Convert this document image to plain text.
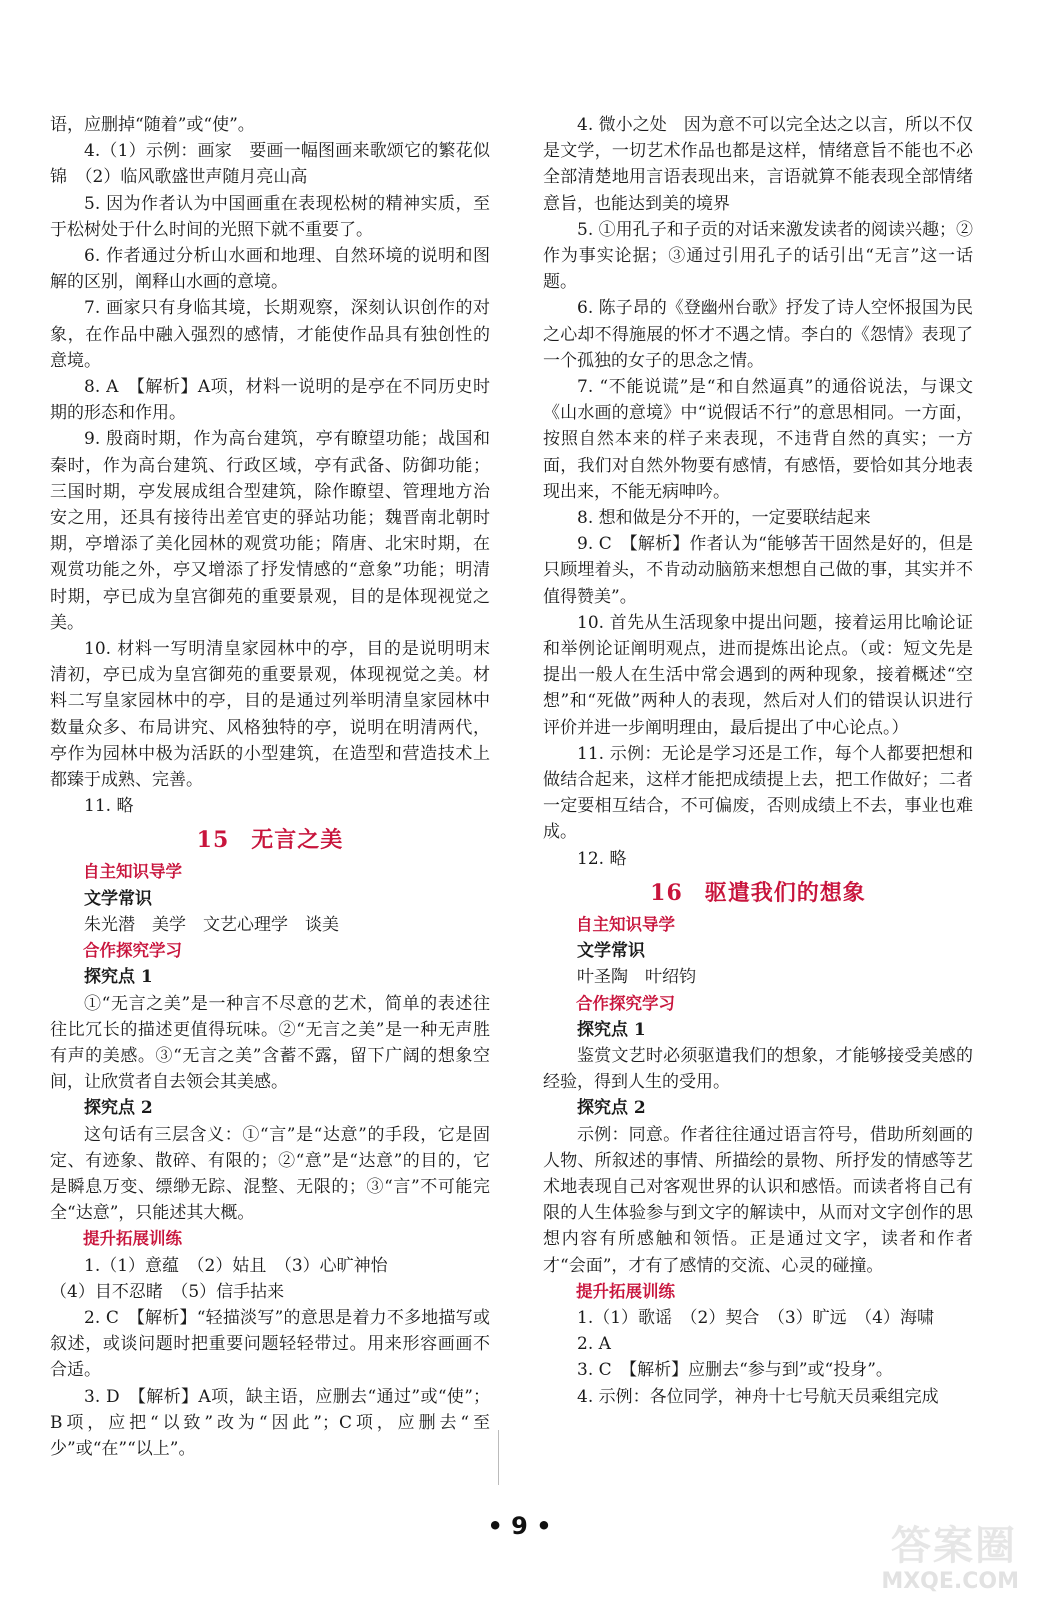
语，应删掉“随着”或“使”。

4.（1）示例：画家　要画一幅图画来歌颂它的繁花似锦　（2）临风歌盛世声随月亮山高

5. 因为作者认为中国画重在表现松树的精神实质，至于松树处于什么时间的光照下就不重要了。

6. 作者通过分析山水画和地理、自然环境的说明和图解的区别，阐释山水画的意境。

7. 画家只有身临其境，长期观察，深刻认识创作的对象，在作品中融入强烈的感情，才能使作品具有独创性的意境。

8. A　【解析】A项，材料一说明的是亭在不同历史时期的形态和作用。

9. 殷商时期，作为高台建筑，亭有瞭望功能；战国和秦时，作为高台建筑、行政区域，亭有武备、防御功能；三国时期，亭发展成组合型建筑，除作瞭望、管理地方治安之用，还具有接待出差官吏的驿站功能；魏晋南北朝时期，亭增添了美化园林的观赏功能；隋唐、北宋时期，在观赏功能之外，亭又增添了抒发情感的“意象”功能；明清时期，亭已成为皇宫御苑的重要景观，目的是体现视觉之美。

10. 材料一写明清皇家园林中的亭，目的是说明明末清初，亭已成为皇宫御苑的重要景观，体现视觉之美。材料二写皇家园林中的亭，目的是通过列举明清皇家园林中数量众多、布局讲究、风格独特的亭，说明在明清两代，亭作为园林中极为活跃的小型建筑，在造型和营造技术上都臻于成熟、完善。

11. 略

15 无言之美

自主知识导学

文学常识

朱光潜　美学　文艺心理学　谈美

合作探究学习

探究点 1

①“无言之美”是一种言不尽意的艺术，简单的表述往往比冗长的描述更值得玩味。②“无言之美”是一种无声胜有声的美感。③“无言之美”含蓄不露，留下广阔的想象空间，让欣赏者自去领会其美感。

探究点 2

这句话有三层含义：①“言”是“达意”的手段，它是固定、有迹象、散碎、有限的；②“意”是“达意”的目的，它是瞬息万变、缥缈无踪、混整、无限的；③“言”不可能完全“达意”，只能述其大概。

提升拓展训练

1.（1）意蕴　（2）姑且　（3）心旷神怡

（4）目不忍睹　（5）信手拈来

2. C　【解析】“轻描淡写”的意思是着力不多地描写或叙述，或谈问题时把重要问题轻轻带过。用来形容画画不合适。

3. D　【解析】A项，缺主语，应删去“通过”或“使”；B项，应把“以致”改为“因此”；C项，应删去“至少”或“在”“以上”。

4. 微小之处　因为意不可以完全达之以言，所以不仅是文学，一切艺术作品也都是这样，情绪意旨不能也不必全部清楚地用言语表现出来，言语就算不能表现全部情绪意旨，也能达到美的境界

5. ①用孔子和子贡的对话来激发读者的阅读兴趣；②作为事实论据；③通过引用孔子的话引出“无言”这一话题。

6. 陈子昂的《登幽州台歌》抒发了诗人空怀报国为民之心却不得施展的怀才不遇之情。李白的《怨情》表现了一个孤独的女子的思念之情。

7. “不能说谎”是“和自然逼真”的通俗说法，与课文《山水画的意境》中“说假话不行”的意思相同。一方面，按照自然本来的样子来表现，不违背自然的真实；一方面，我们对自然外物要有感情，有感悟，要恰如其分地表现出来，不能无病呻吟。

8. 想和做是分不开的，一定要联结起来

9. C　【解析】作者认为“能够苦干固然是好的，但是只顾埋着头，不肯动动脑筋来想想自己做的事，其实并不值得赞美”。

10. 首先从生活现象中提出问题，接着运用比喻论证和举例论证阐明观点，进而提炼出论点。（或：短文先是提出一般人在生活中常会遇到的两种现象，接着概述“空想”和“死做”两种人的表现，然后对人们的错误认识进行评价并进一步阐明理由，最后提出了中心论点。）

11. 示例：无论是学习还是工作，每个人都要把想和做结合起来，这样才能把成绩提上去，把工作做好；二者一定要相互结合，不可偏废，否则成绩上不去，事业也难成。

12. 略

16 驱遣我们的想象

自主知识导学

文学常识

叶圣陶　叶绍钧

合作探究学习

探究点 1

鉴赏文艺时必须驱遣我们的想象，才能够接受美感的经验，得到人生的受用。

探究点 2

示例：同意。作者往往通过语言符号，借助所刻画的人物、所叙述的事情、所描绘的景物、所抒发的情感等艺术地表现自己对客观世界的认识和感悟。而读者将自己有限的人生体验参与到文字的解读中，从而对文字创作的思想内容有所感触和领悟。正是通过文字，读者和作者才“会面”，才有了感情的交流、心灵的碰撞。

提升拓展训练

1.（1）歌谣　（2）契合　（3）旷远　（4）海啸

2. A

3. C　【解析】应删去“参与到”或“投身”。

4. 示例：各位同学，神舟十七号航天员乘组完成

• 9 •	答案圈
MXQE.COM
